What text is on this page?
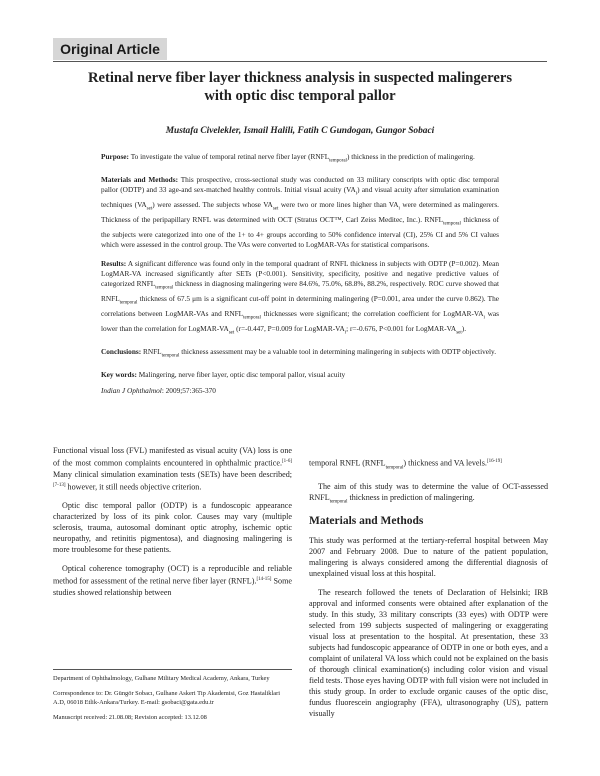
Original Article
Retinal nerve fiber layer thickness analysis in suspected malingerers
with optic disc temporal pallor
Mustafa Civelekler, Ismail Halili, Fatih C Gundogan, Gungor Sobaci

Purpose: To investigate the value of temporal retinal nerve fiber layer $(RNFL_{temporal})$ thickness in the prediction of malingering.

Materials and Methods: This prospective, cross-sectional study was conducted on 33 military conscripts with optic disc temporal pallor (ODTP) and 33 age-and sex-matched healthy controls. Initial visual acuity $(VA_i)$ and visual acuity after simulation examination techniques $(VA_{set})$ were assessed. The subjects whose $VA_{set}$ were two or more lines higher than $VA_i$ were determined as malingerers. Thickness of the peripapillary RNFL was determined with OCT (Stratus OCT™, Carl Zeiss Meditec, Inc.). $RNFL_{temporal}$ thickness of the subjects were categorized into one of the 1+ to 4+ groups according to 50% confidence interval (CI), 25% CI and 5% CI values which were assessed in the control group. The VAs were converted to LogMAR-VAs for statistical comparisons.

Results: A significant difference was found only in the temporal quadrant of RNFL thickness in subjects with ODTP (P=0.002). Mean LogMAR-VA increased significantly after SETs (P<0.001). Sensitivity, specificity, positive and negative predictive values of categorized $RNFL_{temporal}$ thickness in diagnosing malingering were 84.6%, 75.0%, 68.8%, 88.2%, respectively. ROC curve showed that $RNFL_{temporal}$ thickness of 67.5 μm is a significant cut-off point in determining malingering (P=0.001, area under the curve 0.862). The correlations between LogMAR-VAs and $RNFL_{temporal}$ thicknesses were significant; the correlation coefficient for LogMAR-$VA_i$ was lower than the correlation for LogMAR-$VA_{set}$ (r=-0.447, P=0.009 for LogMAR-$VA_i$; r=-0.676, P<0.001 for LogMAR-$VA_{set}$).

Conclusions: $RNFL_{temporal}$ thickness assessment may be a valuable tool in determining malingering in subjects with ODTP objectively.

Key words: Malingering, nerve fiber layer, optic disc temporal pallor, visual acuity

Indian J Ophthalmol: 2009;57:365-370

Functional visual loss (FVL) manifested as visual acuity (VA) loss is one of the most common complaints encountered in ophthalmic practice.[1-6] Many clinical simulation examination tests (SETs) have been described;[7-13] however, it still needs objective criterion.

Optic disc temporal pallor (ODTP) is a fundoscopic appearance characterized by loss of its pink color. Causes may vary (multiple sclerosis, trauma, autosomal dominant optic atrophy, ischemic optic neuropathy, and retinitis pigmentosa), and diagnosing malingering is more troublesome for these patients.

Optical coherence tomography (OCT) is a reproducible and reliable method for assessment of the retinal nerve fiber layer (RNFL).[14-15] Some studies showed relationship between

Department of Ophthalmology, Gulhane Military Medical Academy, Ankara, Turkey

Correspondence to: Dr. Güngör Sobacı, Gulhane Askeri Tip Akademisi, Goz Hastaliklari A.D, 06018 Etlik-Ankara/Turkey. E-mail: gsobaci@gata.edu.tr

Manuscript received: 21.08.08; Revision accepted: 13.12.08

temporal RNFL $(RNFL_{temporal})$ thickness and VA levels.[16-19]

The aim of this study was to determine the value of OCT-assessed $RNFL_{temporal}$ thickness in prediction of malingering.

Materials and Methods

This study was performed at the tertiary-referral hospital between May 2007 and February 2008. Due to nature of the patient population, malingering is always considered among the differential diagnosis of unexplained visual loss at this hospital.

The research followed the tenets of Declaration of Helsinki; IRB approval and informed consents were obtained after explanation of the study. In this study, 33 military conscripts (33 eyes) with ODTP were selected from 199 subjects suspected of malingering or exaggerating visual loss at presentation to the hospital. At presentation, these 33 subjects had fundoscopic appearance of ODTP in one or both eyes, and a complaint of unilateral VA loss which could not be explained on the basis of thorough clinical examination(s) including color vision and visual field tests. Those eyes having ODTP with full vision were not included in this study group. In order to exclude organic causes of the optic disc, fundus fluorescein angiography (FFA), ultrasonography (US), pattern visually
